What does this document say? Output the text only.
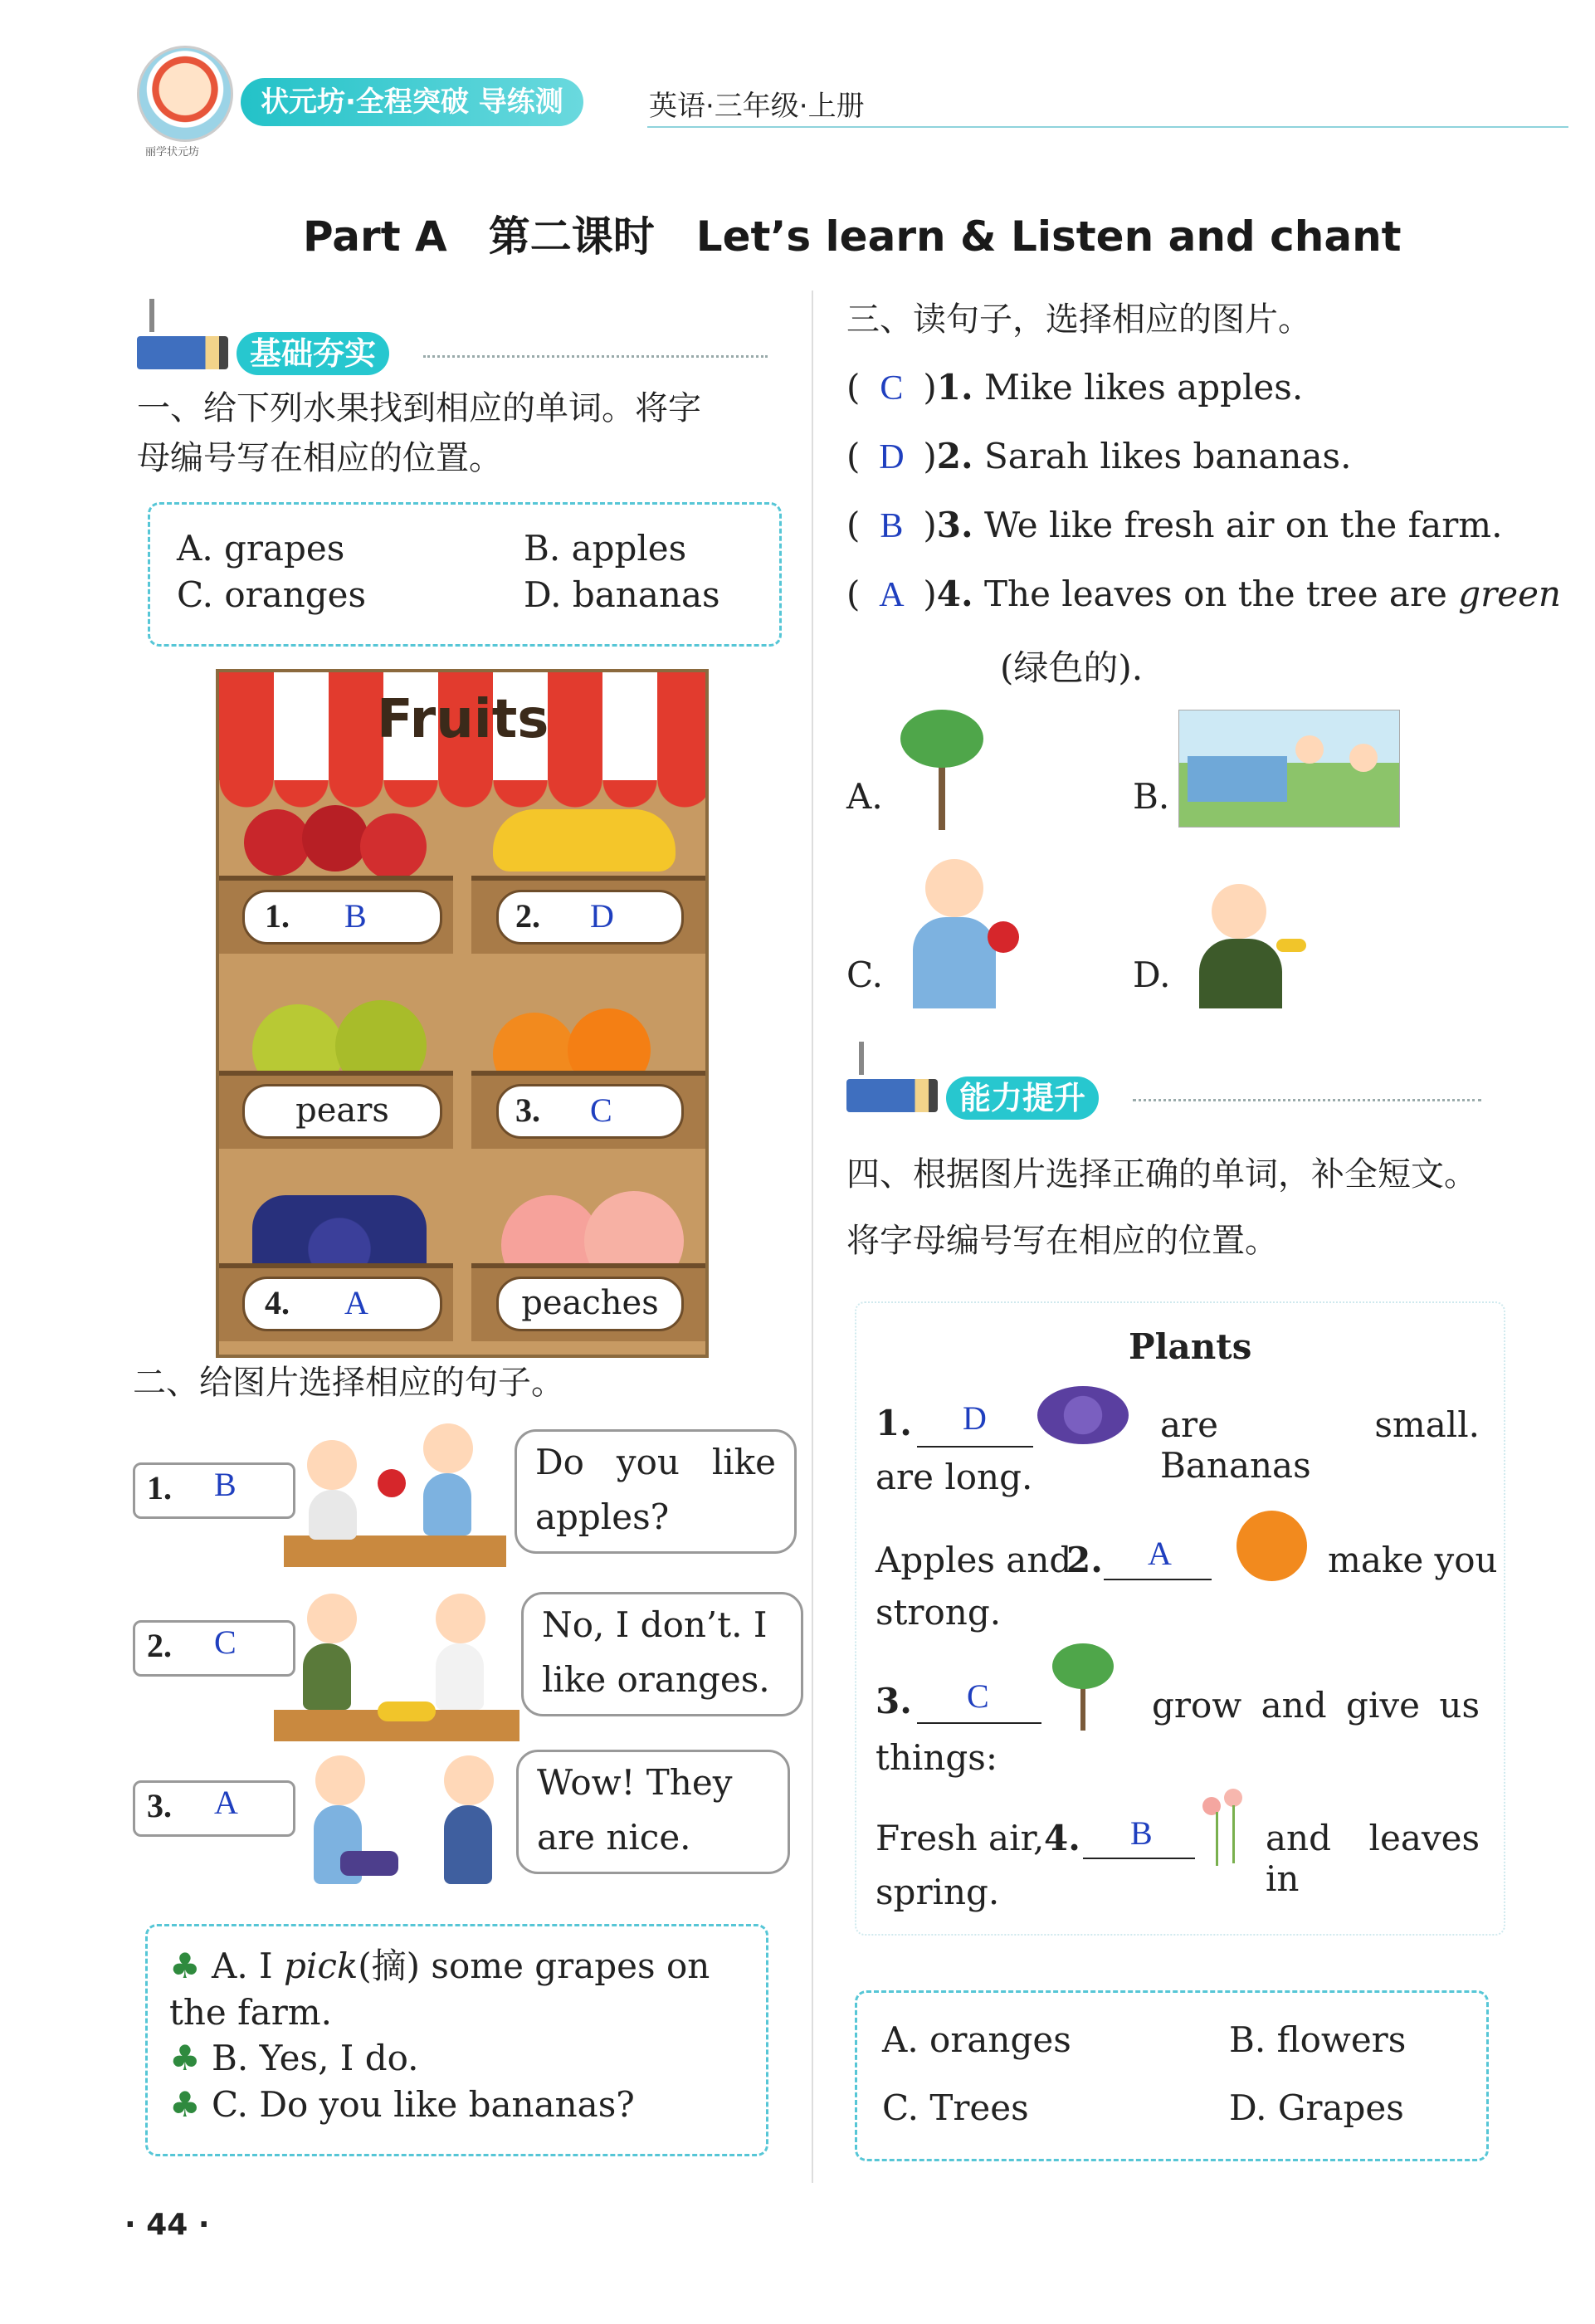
丽学状元坊
状元坊·全程突破 导练测	英语·三年级·上册
Part A　第二课时　Let’s learn & Listen and chant
基础夯实
一、给下列水果找到相应的单词。将字
母编号写在相应的位置。
A. grapes	B. apples
C. oranges	D. bananas
Fruits
1. B	2. D
pears	3. C
4. A	peaches
二、给图片选择相应的句子。
1. B
Do you like apples?
2. C	No, I don’t. I like oranges.
3. A	Wow! They are nice.
♣ A. I pick(摘) some grapes on the farm.
♣ B. Yes, I do.
♣ C. Do you like bananas?
三、读句子，选择相应的图片。
( C )1. Mike likes apples.
( D )2. Sarah likes bananas.
( B )3. We like fresh air on the farm.
( A )4. The leaves on the tree are green
(绿色的).
A.	B.
C.	D.
能力提升
四、根据图片选择正确的单词，补全短文。
将字母编号写在相应的位置。
Plants
1. D	are small. Bananas
are long.
Apples and
2. A	make you
strong.
3. C	grow and give us
things:
Fresh air, 4. B	and leaves in
spring.
A. oranges	B. flowers
C. Trees	D. Grapes
· 44 ·
